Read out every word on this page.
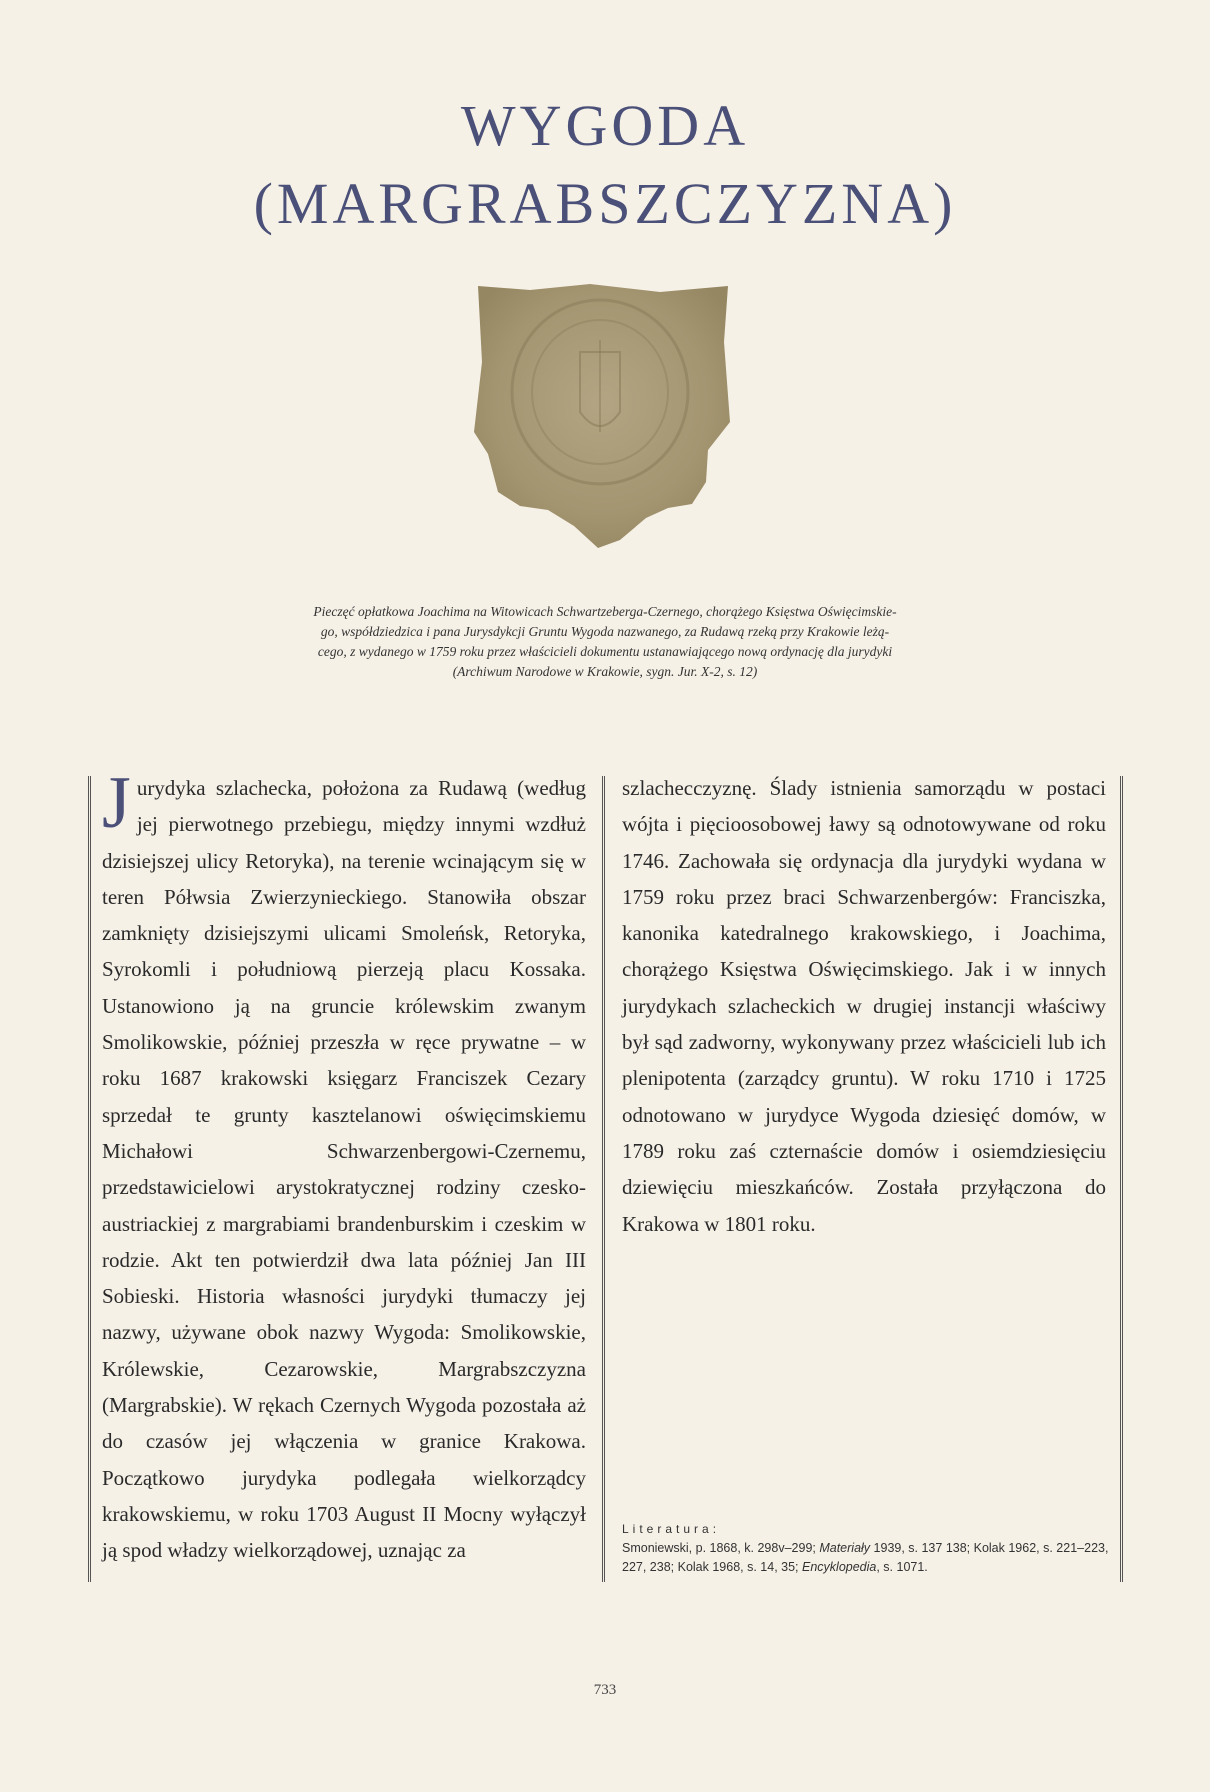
WYGODA
(MARGRABSZCZYZNA)

Pieczęć opłatkowa Joachima na Witowicach Schwartzeberga-Czernego, chorążego Księstwa Oświęcimskie-

go, współdziedzica i pana Jurysdykcji Gruntu Wygoda nazwanego, za Rudawą rzeką przy Krakowie leżą-

cego, z wydanego w 1759 roku przez właścicieli dokumentu ustanawiającego nową ordynację dla jurydyki

(Archiwum Narodowe w Krakowie, sygn. Jur. X-2, s. 12)

Jurydyka szlachecka, położona za Rudawą (według jej pierwotnego przebiegu, między innymi wzdłuż dzisiejszej ulicy Retoryka), na terenie wcinającym się w teren Półwsia Zwierzynieckiego. Stanowiła obszar zamknięty dzisiejszymi ulicami Smoleńsk, Retoryka, Syrokomli i południową pierzeją placu Kossaka. Ustanowiono ją na gruncie królewskim zwanym Smolikowskie, później przeszła w ręce prywatne – w roku 1687 krakowski księgarz Franciszek Cezary sprzedał te grunty kasztelanowi oświęcimskiemu Michałowi Schwarzenbergowi-Czernemu, przedstawicielowi arystokratycznej rodziny czesko-austriackiej z margrabiami brandenburskim i czeskim w rodzie. Akt ten potwierdził dwa lata później Jan III Sobieski. Historia własności jurydyki tłumaczy jej nazwy, używane obok nazwy Wygoda: Smolikowskie, Królewskie, Cezarowskie, Margrabszczyzna (Margrabskie). W rękach Czernych Wygoda pozostała aż do czasów jej włączenia w granice Krakowa. Początkowo jurydyka podlegała wielkorządcy krakowskiemu, w roku 1703 August II Mocny wyłączył ją spod władzy wielkorządowej, uznając za
szlachecczyznę. Ślady istnienia samorządu w postaci wójta i pięcioosobowej ławy są odnotowywane od roku 1746. Zachowała się ordynacja dla jurydyki wydana w 1759 roku przez braci Schwarzenbergów: Franciszka, kanonika katedralnego krakowskiego, i Joachima, chorążego Księstwa Oświęcimskiego. Jak i w innych jurydykach szlacheckich w drugiej instancji właściwy był sąd zadworny, wykonywany przez właścicieli lub ich plenipotenta (zarządcy gruntu). W roku 1710 i 1725 odnotowano w jurydyce Wygoda dziesięć domów, w 1789 roku zaś czternaście domów i osiemdziesięciu dziewięciu mieszkańców. Została przyłączona do Krakowa w 1801 roku.
Literatura:
Smoniewski, p. 1868, k. 298v–299; Materiały 1939, s. 137 138; Kolak 1962, s. 221–223, 227, 238; Kolak 1968, s. 14, 35; Encyklopedia, s. 1071.
733
